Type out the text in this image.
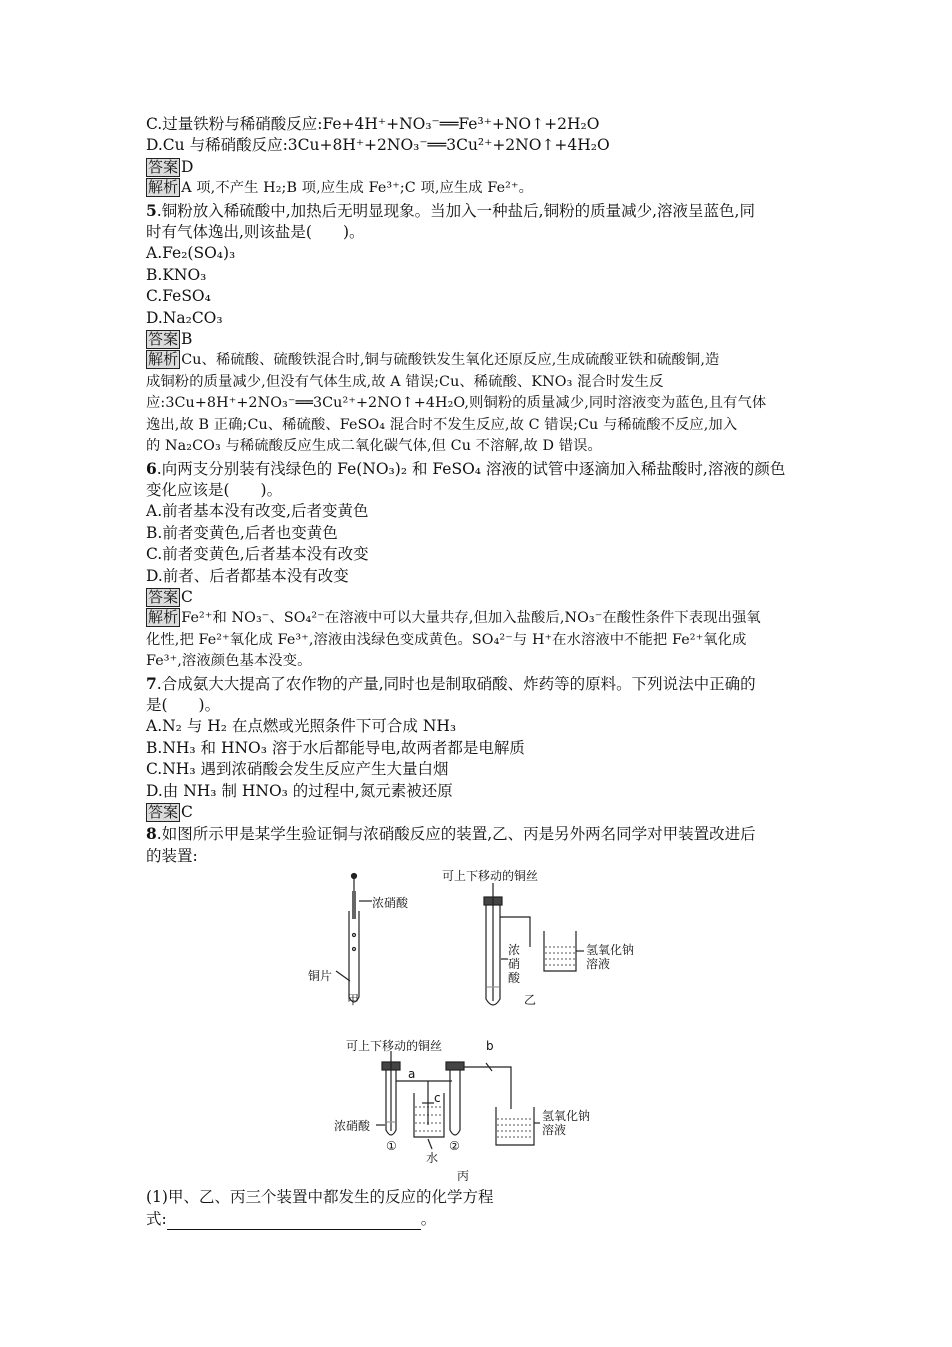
C.过量铁粉与稀硝酸反应:Fe+4H⁺+NO₃⁻══Fe³⁺+NO↑+2H₂O
D.Cu 与稀硝酸反应:3Cu+8H⁺+2NO₃⁻══3Cu²⁺+2NO↑+4H₂O
答案 D
解析 A 项,不产生 H₂;B 项,应生成 Fe³⁺;C 项,应生成 Fe²⁺。
5.铜粉放入稀硫酸中,加热后无明显现象。当加入一种盐后,铜粉的质量减少,溶液呈蓝色,同
时有气体逸出,则该盐是(　　)。
A.Fe₂(SO₄)₃
B.KNO₃
C.FeSO₄
D.Na₂CO₃
答案 B
解析 Cu、稀硫酸、硫酸铁混合时,铜与硫酸铁发生氧化还原反应,生成硫酸亚铁和硫酸铜,造
成铜粉的质量减少,但没有气体生成,故 A 错误;Cu、稀硫酸、KNO₃ 混合时发生反
应:3Cu+8H⁺+2NO₃⁻══3Cu²⁺+2NO↑+4H₂O,则铜粉的质量减少,同时溶液变为蓝色,且有气体
逸出,故 B 正确;Cu、稀硫酸、FeSO₄ 混合时不发生反应,故 C 错误;Cu 与稀硫酸不反应,加入
的 Na₂CO₃ 与稀硫酸反应生成二氧化碳气体,但 Cu 不溶解,故 D 错误。
6.向两支分别装有浅绿色的 Fe(NO₃)₂ 和 FeSO₄ 溶液的试管中逐滴加入稀盐酸时,溶液的颜色
变化应该是(　　)。
A.前者基本没有改变,后者变黄色
B.前者变黄色,后者也变黄色
C.前者变黄色,后者基本没有改变
D.前者、后者都基本没有改变
答案 C
解析 Fe²⁺和 NO₃⁻、SO₄²⁻在溶液中可以大量共存,但加入盐酸后,NO₃⁻在酸性条件下表现出强氧
化性,把 Fe²⁺氧化成 Fe³⁺,溶液由浅绿色变成黄色。SO₄²⁻与 H⁺在水溶液中不能把 Fe²⁺氧化成
Fe³⁺,溶液颜色基本没变。
7.合成氨大大提高了农作物的产量,同时也是制取硝酸、炸药等的原料。下列说法中正确的
是(　　)。
A.N₂ 与 H₂ 在点燃或光照条件下可合成 NH₃
B.NH₃ 和 HNO₃ 溶于水后都能导电,故两者都是电解质
C.NH₃ 遇到浓硝酸会发生反应产生大量白烟
D.由 NH₃ 制 HNO₃ 的过程中,氮元素被还原
答案 C
8.如图所示甲是某学生验证铜与浓硝酸反应的装置,乙、丙是另外两名同学对甲装置改进后
的装置:
浓硝酸
铜片
甲
可上下移动的铜丝
浓
硝
酸
氢氧化钠
溶液
乙
可上下移动的铜丝	b
a
c
浓硝酸
①	②
水
氢氧化钠
溶液
丙
(1)甲、乙、丙三个装置中都发生的反应的化学方程
式:	。
